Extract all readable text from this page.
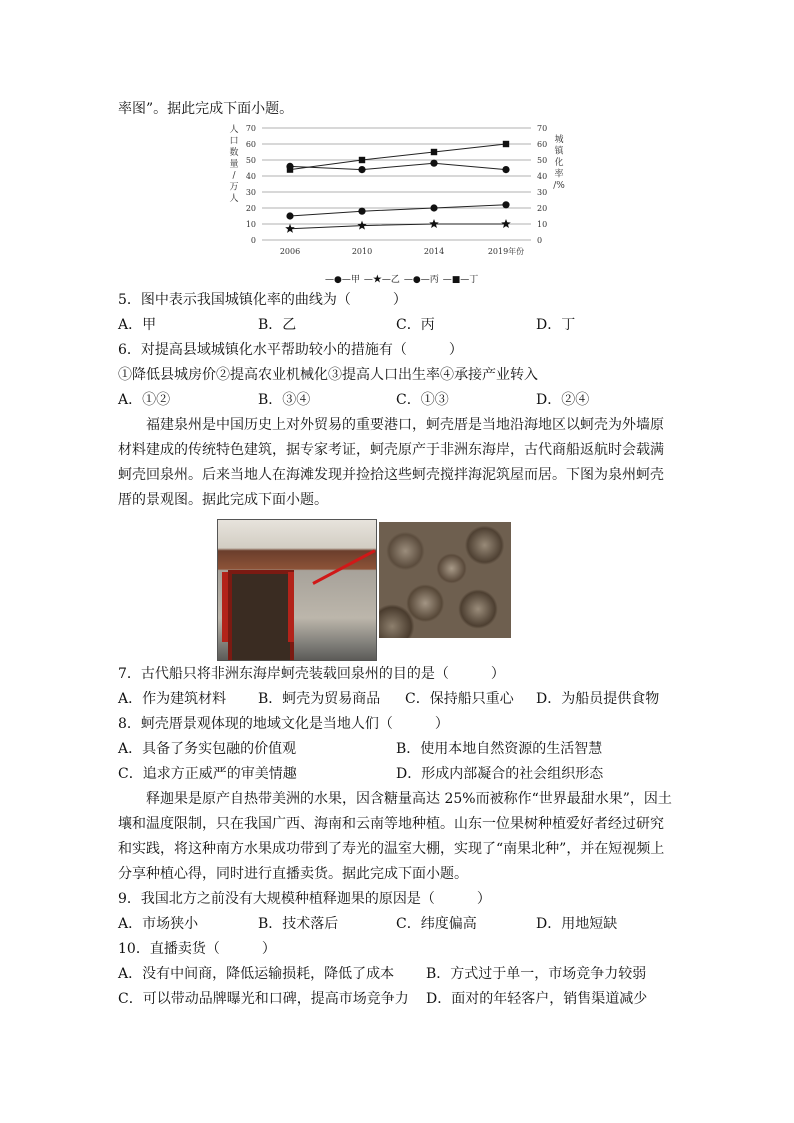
率图”。据此完成下面小题。
0	0
10	10
20	20
30	30
40	40
50	50
60	60
70	70
2006	2010	2014	2019年份
人
口
数
量
/
万
人
城
镇
化
率
/%
—●—甲 —★—乙 —●—丙 —■—丁
5．图中表示我国城镇化率的曲线为（　　　）
A．甲	B．乙	C．丙	D．丁
6．对提高县域城镇化水平帮助较小的措施有（　　　）
①降低县城房价②提高农业机械化③提高人口出生率④承接产业转入
A．①②	B．③④	C．①③	D．②④
福建泉州是中国历史上对外贸易的重要港口，蚵壳厝是当地沿海地区以蚵壳为外墙原
材料建成的传统特色建筑，据专家考证，蚵壳原产于非洲东海岸，古代商船返航时会载满
蚵壳回泉州。后来当地人在海滩发现并捡拾这些蚵壳搅拌海泥筑屋而居。下图为泉州蚵壳
厝的景观图。据此完成下面小题。
7．古代船只将非洲东海岸蚵壳装载回泉州的目的是（　　　）
A．作为建筑材料 B．蚵壳为贸易商品 C．保持船只重心 D．为船员提供食物
8．蚵壳厝景观体现的地域文化是当地人们（　　　）
A．具备了务实包融的价值观	B．使用本地自然资源的生活智慧
C．追求方正威严的审美情趣	D．形成内部凝合的社会组织形态
释迦果是原产自热带美洲的水果，因含糖量高达 25%而被称作“世界最甜水果”，因土
壤和温度限制，只在我国广西、海南和云南等地种植。山东一位果树种植爱好者经过研究
和实践，将这种南方水果成功带到了寿光的温室大棚，实现了“南果北种”，并在短视频上
分享种植心得，同时进行直播卖货。据此完成下面小题。
9．我国北方之前没有大规模种植释迦果的原因是（　　　）
A．市场狭小	B．技术落后	C．纬度偏高	D．用地短缺
10．直播卖货（　　　）
A．没有中间商，降低运输损耗，降低了成本 B．方式过于单一，市场竞争力较弱
C．可以带动品牌曝光和口碑，提高市场竞争力 D．面对的年轻客户，销售渠道减少
